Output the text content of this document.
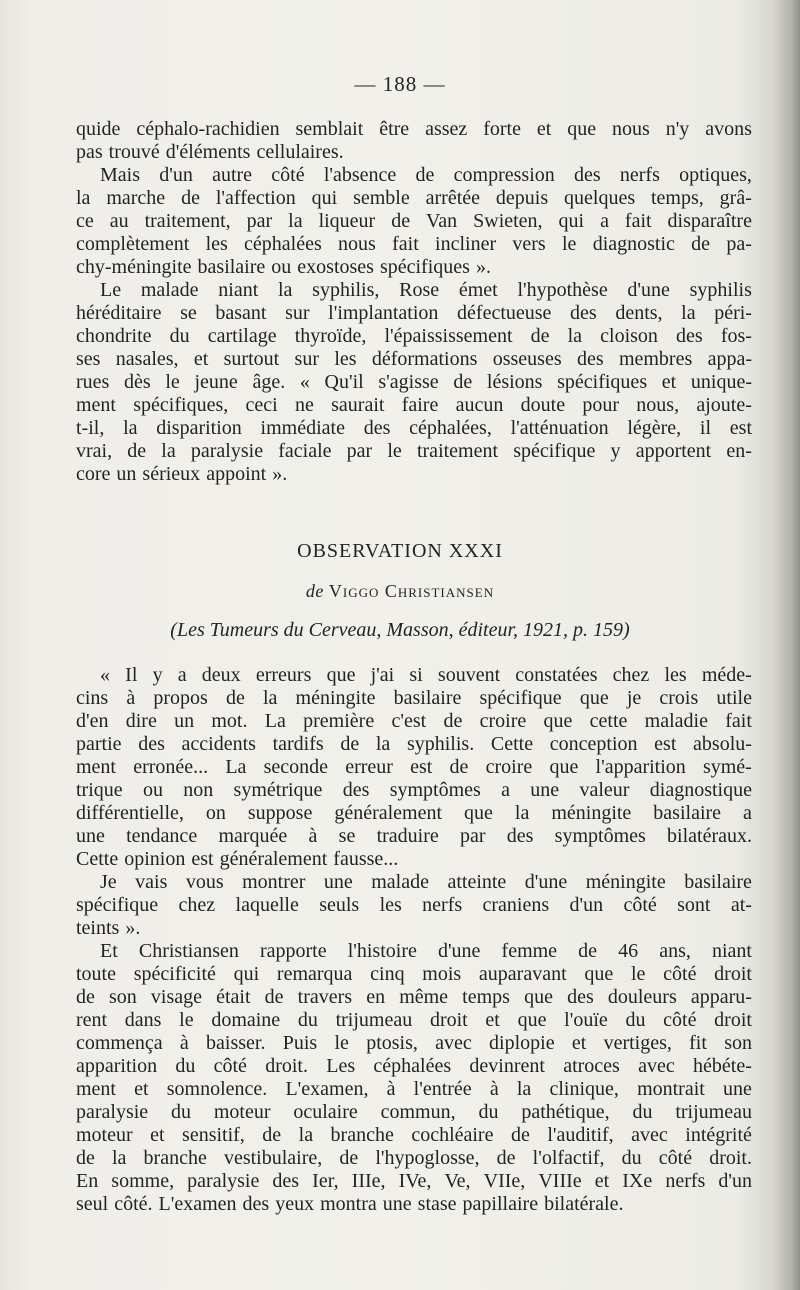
— 188 —
quide céphalo-rachidien semblait être assez forte et que nous n'y avons
pas trouvé d'éléments cellulaires.
Mais d'un autre côté l'absence de compression des nerfs optiques,
la marche de l'affection qui semble arrêtée depuis quelques temps, grâ-
ce au traitement, par la liqueur de Van Swieten, qui a fait disparaître
complètement les céphalées nous fait incliner vers le diagnostic de pa-
chy-méningite basilaire ou exostoses spécifiques ».
Le malade niant la syphilis, Rose émet l'hypothèse d'une syphilis
héréditaire se basant sur l'implantation défectueuse des dents, la péri-
chondrite du cartilage thyroïde, l'épaississement de la cloison des fos-
ses nasales, et surtout sur les déformations osseuses des membres appa-
rues dès le jeune âge. « Qu'il s'agisse de lésions spécifiques et unique-
ment spécifiques, ceci ne saurait faire aucun doute pour nous, ajoute-
t-il, la disparition immédiate des céphalées, l'atténuation légère, il est
vrai, de la paralysie faciale par le traitement spécifique y apportent en-
core un sérieux appoint ».
OBSERVATION XXXI
de Viggo Christiansen
(Les Tumeurs du Cerveau, Masson, éditeur, 1921, p. 159)
« Il y a deux erreurs que j'ai si souvent constatées chez les méde-
cins à propos de la méningite basilaire spécifique que je crois utile
d'en dire un mot. La première c'est de croire que cette maladie fait
partie des accidents tardifs de la syphilis. Cette conception est absolu-
ment erronée... La seconde erreur est de croire que l'apparition symé-
trique ou non symétrique des symptômes a une valeur diagnostique
différentielle, on suppose généralement que la méningite basilaire a
une tendance marquée à se traduire par des symptômes bilatéraux.
Cette opinion est généralement fausse...
Je vais vous montrer une malade atteinte d'une méningite basilaire
spécifique chez laquelle seuls les nerfs craniens d'un côté sont at-
teints ».
Et Christiansen rapporte l'histoire d'une femme de 46 ans, niant
toute spécificité qui remarqua cinq mois auparavant que le côté droit
de son visage était de travers en même temps que des douleurs apparu-
rent dans le domaine du trijumeau droit et que l'ouïe du côté droit
commença à baisser. Puis le ptosis, avec diplopie et vertiges, fit son
apparition du côté droit. Les céphalées devinrent atroces avec hébéte-
ment et somnolence. L'examen, à l'entrée à la clinique, montrait une
paralysie du moteur oculaire commun, du pathétique, du trijumeau
moteur et sensitif, de la branche cochléaire de l'auditif, avec intégrité
de la branche vestibulaire, de l'hypoglosse, de l'olfactif, du côté droit.
En somme, paralysie des Ier, IIIe, IVe, Ve, VIIe, VIIIe et IXe nerfs d'un
seul côté. L'examen des yeux montra une stase papillaire bilatérale.
